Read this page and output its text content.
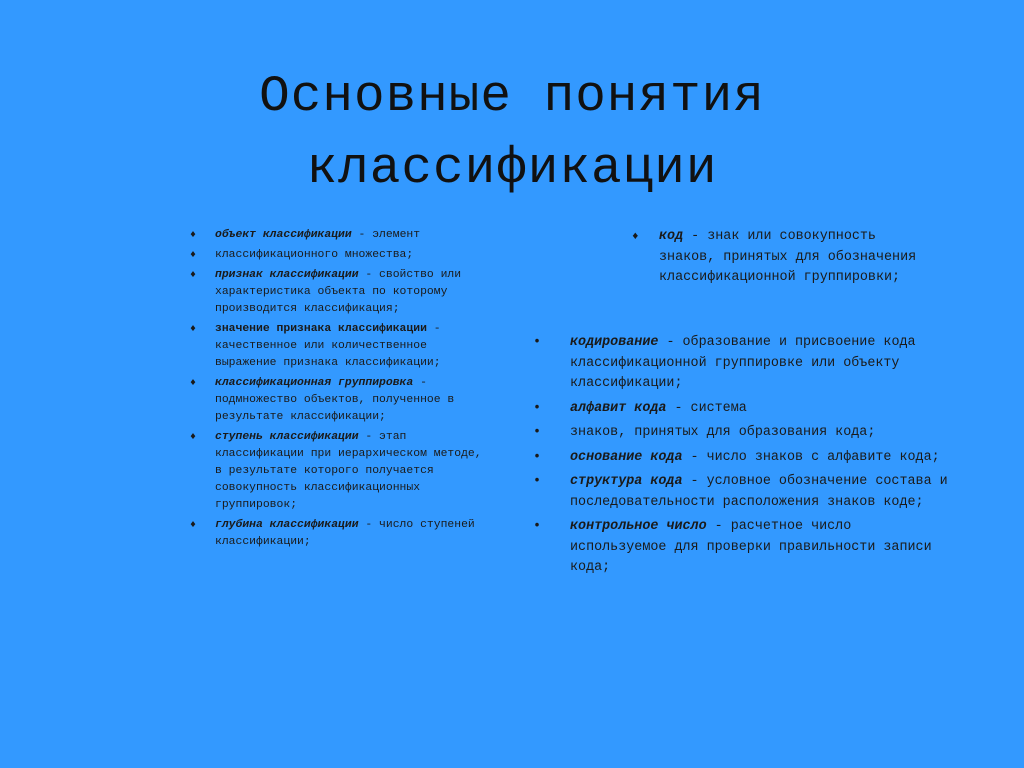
Основные понятия
классификации
♦	объект классификации - элемент
♦	классификационного множества;
♦	признак классификации - свойство или характеристика объекта по которому производится классификация;
♦	значение признака классификации - качественное или количественное выражение признака классификации;
♦	классификационная группировка - подмножество объектов, полученное в результате классификации;
♦	ступень классификации - этап классификации при иерархическом методе, в результате которого получается совокупность классификационных группировок;
♦	глубина классификации - число ступеней классификации;
♦	код - знак или совокупность знаков, принятых для обозначения классификационной группировки;
•	кодирование - образование и присвоение кода классификационной группировке или объекту классификации;
•	алфавит кода - система
•	знаков, принятых для образования кода;
•	основание кода - число знаков с алфавите кода;
•	структура кода - условное обозначение состава и последовательности расположения знаков коде;
•	контрольное число - расчетное число используемое для проверки правильности записи кода;
